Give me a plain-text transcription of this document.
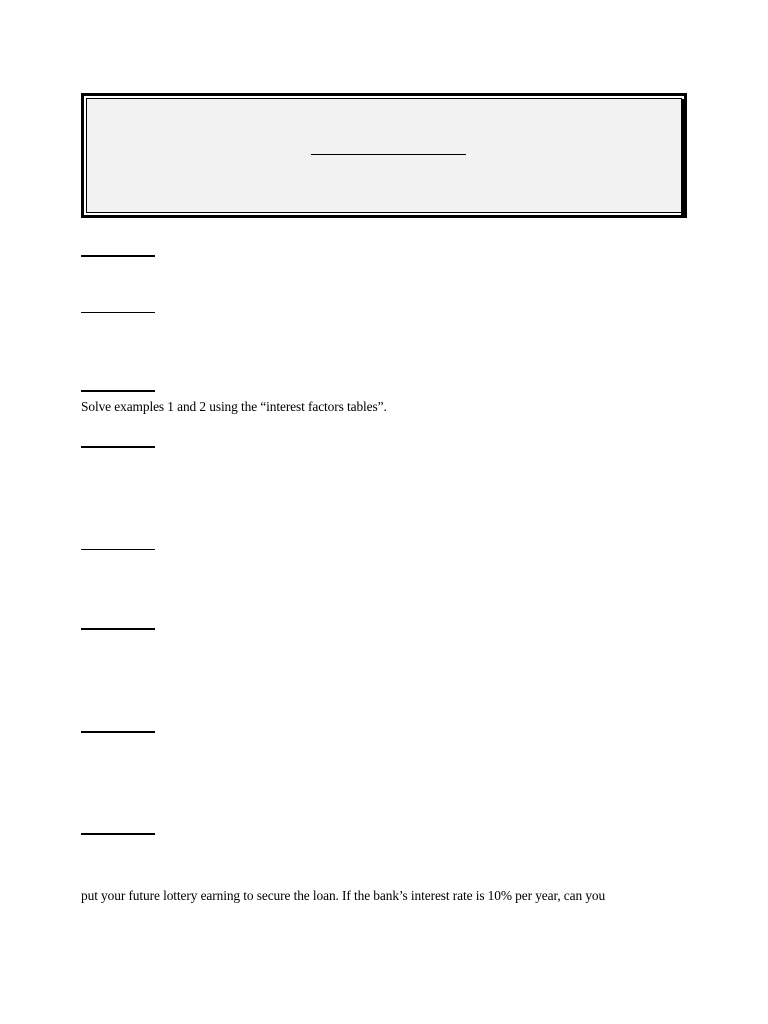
Solve examples 1 and 2 using the “interest factors tables”.
put your future lottery earning to secure the loan. If the bank’s interest rate is 10% per year, can you
